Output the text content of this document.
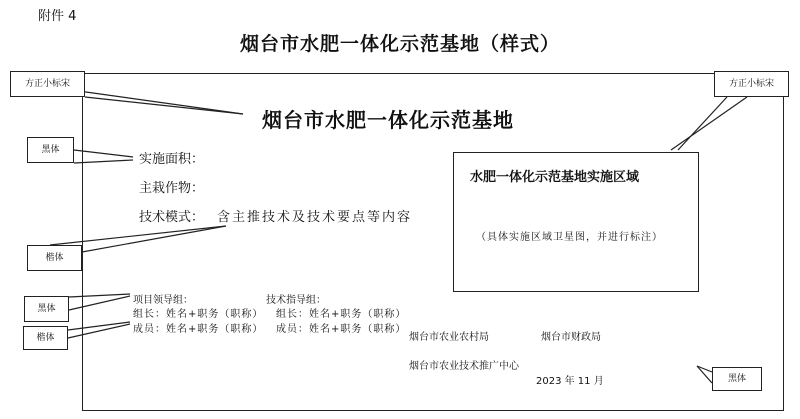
附件 4
烟台市水肥一体化示范基地（样式）
烟台市水肥一体化示范基地
实施面积：
主栽作物：
技术模式： 含主推技术及技术要点等内容
项目领导组：	技术指导组：
组长：姓名+职务（职称） 组长：姓名+职务（职称）
成员：姓名+职务（职称） 成员：姓名+职务（职称）
烟台市农业农村局	烟台市财政局
烟台市农业技术推广中心
2023 年 11 月
水肥一体化示范基地实施区域
（具体实施区域卫星图，并进行标注）
方正小标宋	方正小标宋
黑体
楷体
黑体
楷体
黑体
